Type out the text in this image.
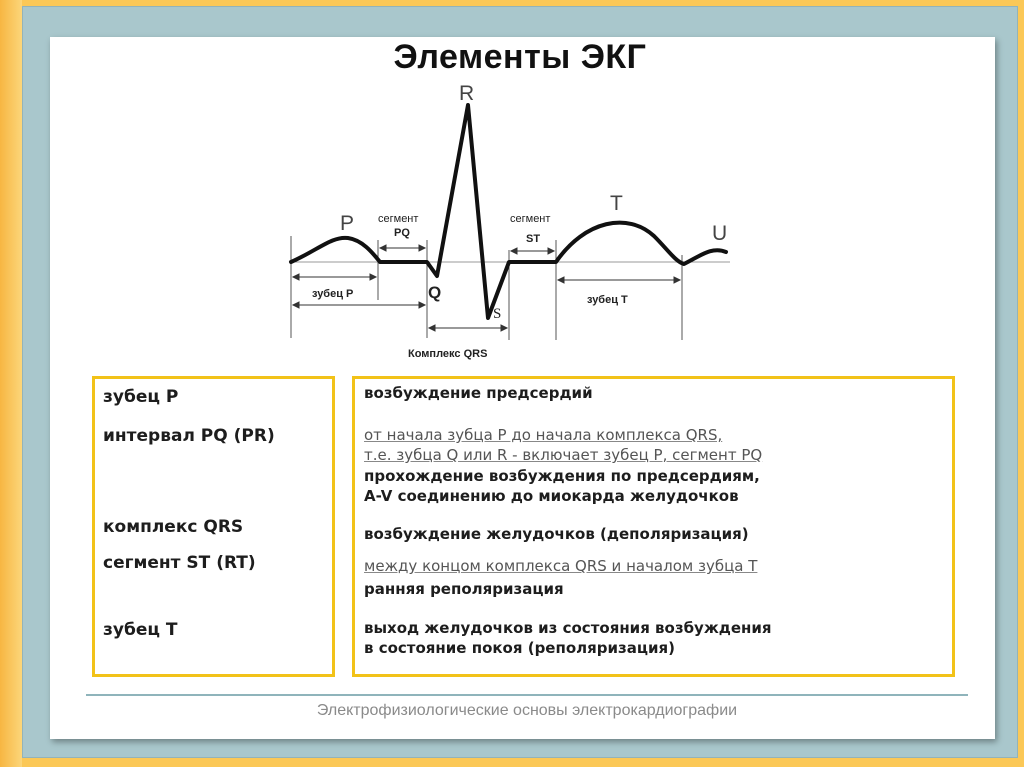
Элементы ЭКГ
R
P
T
U
Q
S
сегмент
PQ
сегмент
ST
зубец P	зубец T
Комплекс QRS
зубец P
интервал PQ (PR)
комплекс QRS
сегмент ST (RT)
зубец T
возбуждение предсердий
от начала зубца P до начала комплекса QRS,
т.е. зубца Q или R - включает зубец P, сегмент PQ
прохождение возбуждения по предсердиям,
A-V соединению до миокарда желудочков
возбуждение желудочков (деполяризация)
между концом комплекса QRS и началом зубца T
ранняя реполяризация
выход желудочков из состояния возбуждения
в состояние покоя (реполяризация)
Электрофизиологические основы электрокардиографии
